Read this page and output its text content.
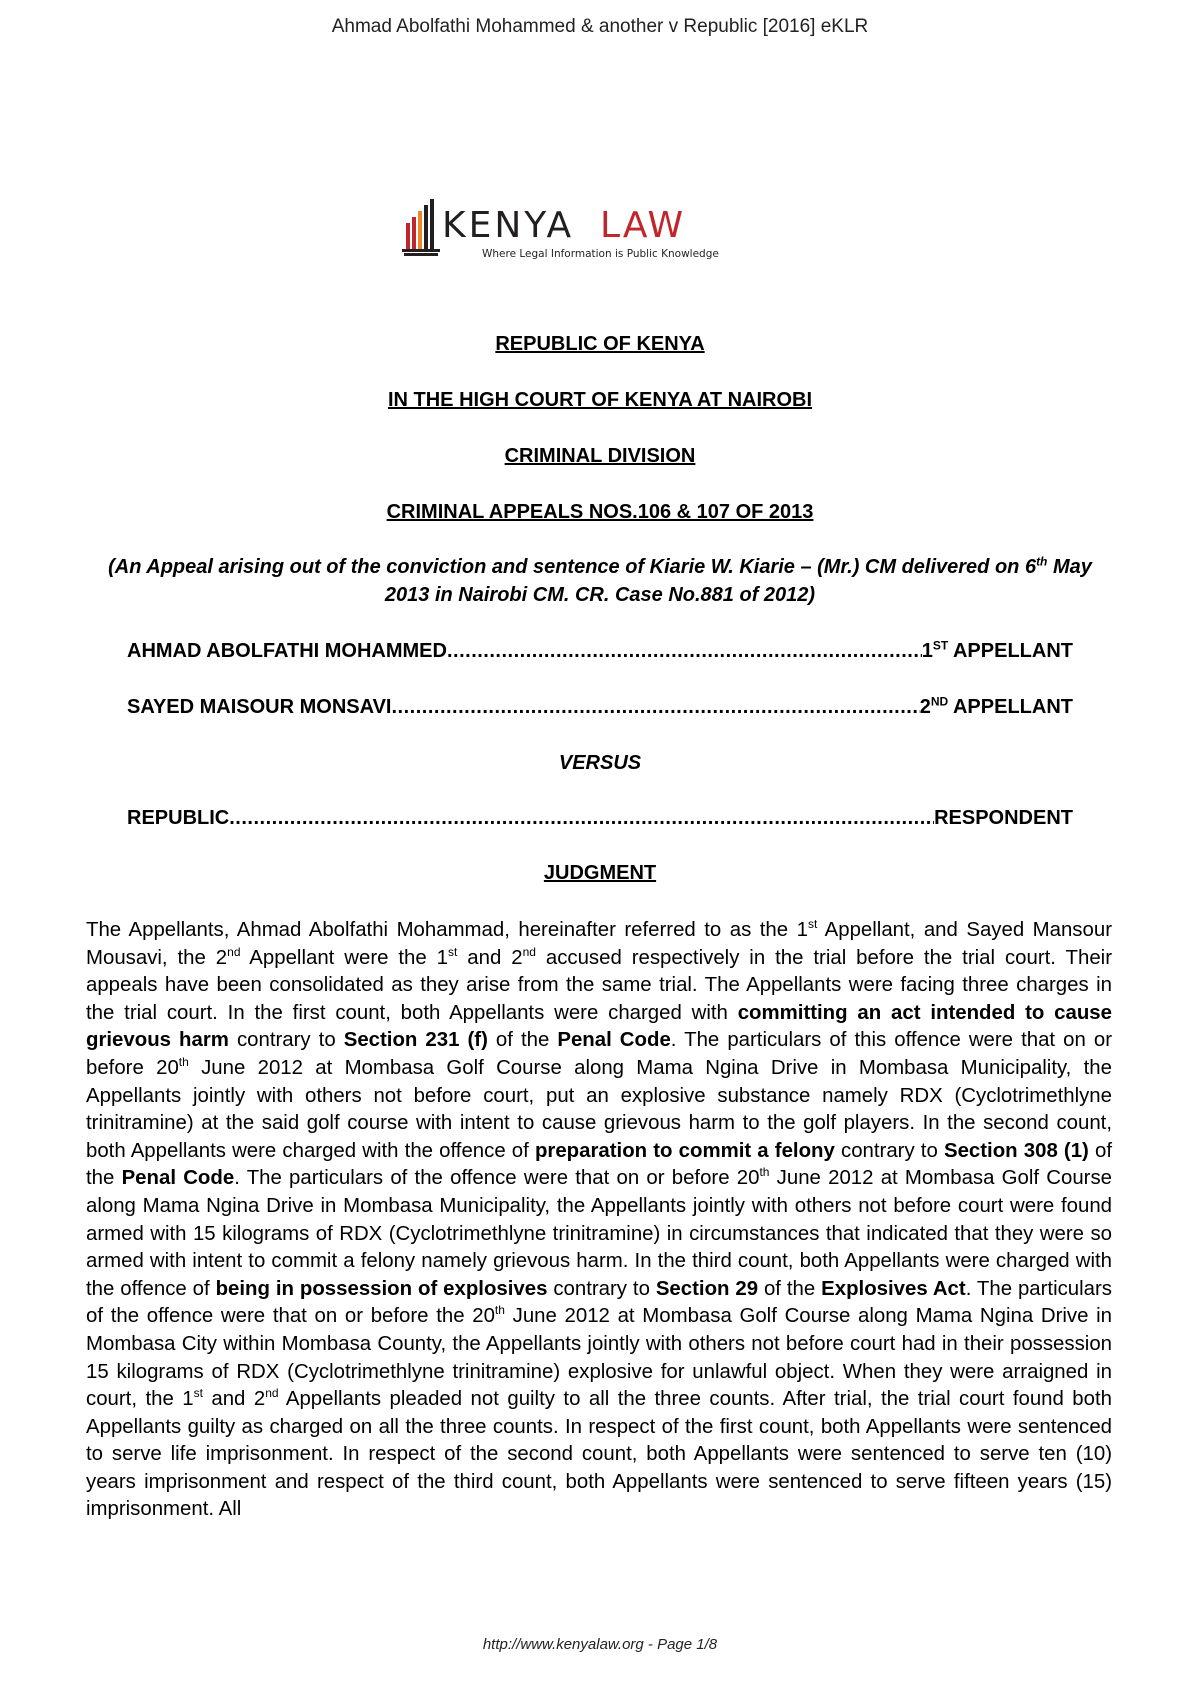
Ahmad Abolfathi Mohammed & another v Republic [2016] eKLR
KENYA LAW
Where Legal Information is Public Knowledge
REPUBLIC OF KENYA
IN THE HIGH COURT OF KENYA AT NAIROBI
CRIMINAL DIVISION
CRIMINAL APPEALS NOS.106 & 107 OF 2013
(An Appeal arising out of the conviction and sentence of Kiarie W. Kiarie – (Mr.) CM delivered on 6th May 2013 in Nairobi CM. CR. Case No.881 of 2012)
AHMAD ABOLFATHI MOHAMMED .....	1ST APPELLANT
SAYED MAISOUR MONSAVI .....	2ND APPELLANT
VERSUS
REPUBLIC .....	RESPONDENT
JUDGMENT

The Appellants, Ahmad Abolfathi Mohammad, hereinafter referred to as the 1st Appellant, and Sayed Mansour Mousavi, the 2nd Appellant were the 1st and 2nd accused respectively in the trial before the trial court. Their appeals have been consolidated as they arise from the same trial. The Appellants were facing three charges in the trial court. In the first count, both Appellants were charged with committing an act intended to cause grievous harm contrary to Section 231 (f) of the Penal Code. The particulars of this offence were that on or before 20th June 2012 at Mombasa Golf Course along Mama Ngina Drive in Mombasa Municipality, the Appellants jointly with others not before court, put an explosive substance namely RDX (Cyclotrimethlyne trinitramine) at the said golf course with intent to cause grievous harm to the golf players. In the second count, both Appellants were charged with the offence of preparation to commit a felony contrary to Section 308 (1) of the Penal Code. The particulars of the offence were that on or before 20th June 2012 at Mombasa Golf Course along Mama Ngina Drive in Mombasa Municipality, the Appellants jointly with others not before court were found armed with 15 kilograms of RDX (Cyclotrimethlyne trinitramine) in circumstances that indicated that they were so armed with intent to commit a felony namely grievous harm. In the third count, both Appellants were charged with the offence of being in possession of explosives contrary to Section 29 of the Explosives Act. The particulars of the offence were that on or before the 20th June 2012 at Mombasa Golf Course along Mama Ngina Drive in Mombasa City within Mombasa County, the Appellants jointly with others not before court had in their possession 15 kilograms of RDX (Cyclotrimethlyne trinitramine) explosive for unlawful object. When they were arraigned in court, the 1st and 2nd Appellants pleaded not guilty to all the three counts. After trial, the trial court found both Appellants guilty as charged on all the three counts. In respect of the first count, both Appellants were sentenced to serve life imprisonment. In respect of the second count, both Appellants were sentenced to serve ten (10) years imprisonment and respect of the third count, both Appellants were sentenced to serve fifteen years (15) imprisonment. All

http://www.kenyalaw.org - Page 1/8
